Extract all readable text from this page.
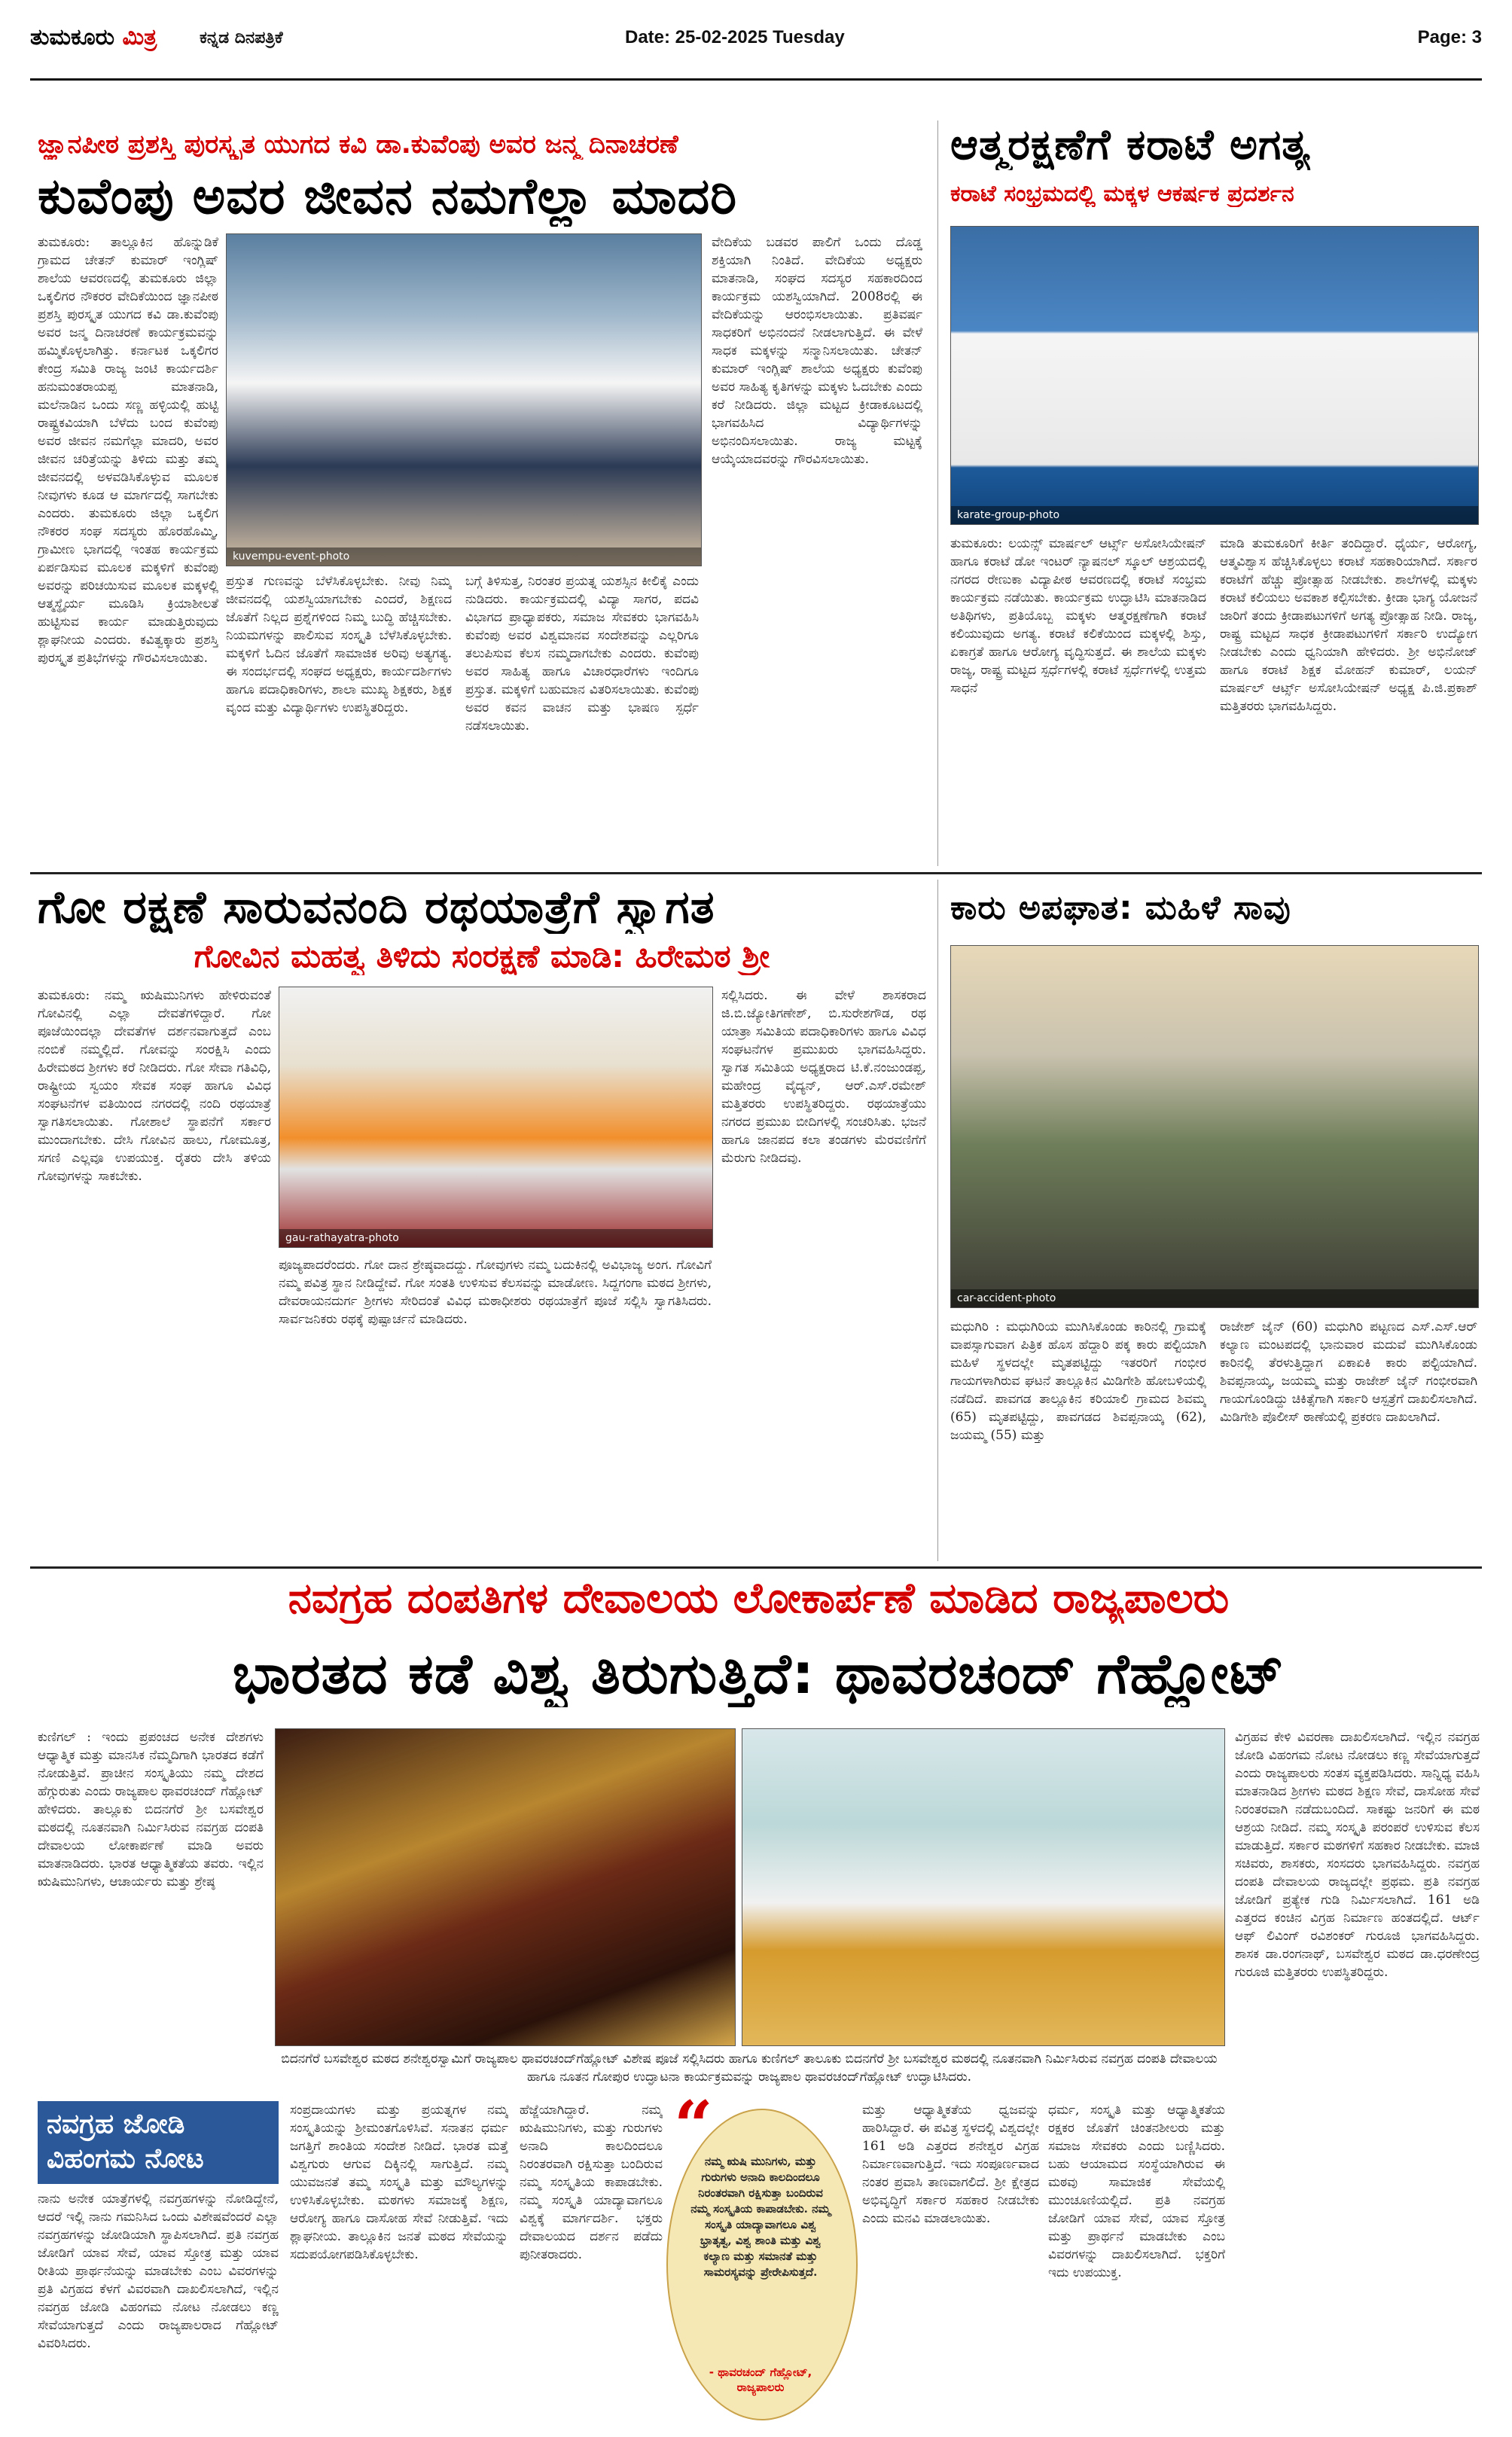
ತುಮಕೂರು ಮಿತ್ರ	ಕನ್ನಡ ದಿನಪತ್ರಿಕೆ	Date: 25-02-2025 Tuesday	Page: 3
ಜ್ಞಾನಪೀಠ ಪ್ರಶಸ್ತಿ ಪುರಸ್ಕೃತ ಯುಗದ ಕವಿ ಡಾ.ಕುವೆಂಪು ಅವರ ಜನ್ಮ ದಿನಾಚರಣೆ
ಕುವೆಂಪು ಅವರ ಜೀವನ ನಮಗೆಲ್ಲಾ ಮಾದರಿ
ತುಮಕೂರು: ತಾಲ್ಲೂಕಿನ ಹೊನ್ನುಡಿಕೆ ಗ್ರಾಮದ ಚೇತನ್ ಕುಮಾರ್ ಇಂಗ್ಲಿಷ್ ಶಾಲೆಯ ಆವರಣದಲ್ಲಿ ತುಮಕೂರು ಜಿಲ್ಲಾ ಒಕ್ಕಲಿಗರ ನೌಕರರ ವೇದಿಕೆಯಿಂದ ಜ್ಞಾನಪೀಠ ಪ್ರಶಸ್ತಿ ಪುರಸ್ಕೃತ ಯುಗದ ಕವಿ ಡಾ.ಕುವೆಂಪು ಅವರ ಜನ್ಮ ದಿನಾಚರಣೆ ಕಾರ್ಯಕ್ರಮವನ್ನು ಹಮ್ಮಿಕೊಳ್ಳಲಾಗಿತ್ತು. ಕರ್ನಾಟಕ ಒಕ್ಕಲಿಗರ ಕೇಂದ್ರ ಸಮಿತಿ ರಾಜ್ಯ ಜಂಟಿ ಕಾರ್ಯದರ್ಶಿ ಹನುಮಂತರಾಯಪ್ಪ ಮಾತನಾಡಿ, ಮಲೆನಾಡಿನ ಒಂದು ಸಣ್ಣ ಹಳ್ಳಿಯಲ್ಲಿ ಹುಟ್ಟಿ ರಾಷ್ಟ್ರಕವಿಯಾಗಿ ಬೆಳೆದು ಬಂದ ಕುವೆಂಪು ಅವರ ಜೀವನ ನಮಗೆಲ್ಲಾ ಮಾದರಿ, ಅವರ ಜೀವನ ಚರಿತ್ರೆಯನ್ನು ತಿಳಿದು ಮತ್ತು ತಮ್ಮ ಜೀವನದಲ್ಲಿ ಅಳವಡಿಸಿಕೊಳ್ಳುವ ಮೂಲಕ ನೀವುಗಳು ಕೂಡ ಆ ಮಾರ್ಗದಲ್ಲಿ ಸಾಗಬೇಕು ಎಂದರು. ತುಮಕೂರು ಜಿಲ್ಲಾ ಒಕ್ಕಲಿಗ ನೌಕರರ ಸಂಘ ಸದಸ್ಯರು ಹೊರಹೊಮ್ಮಿ, ಗ್ರಾಮೀಣ ಭಾಗದಲ್ಲಿ ಇಂತಹ ಕಾರ್ಯಕ್ರಮ ಏರ್ಪಡಿಸುವ ಮೂಲಕ ಮಕ್ಕಳಿಗೆ ಕುವೆಂಪು ಅವರನ್ನು ಪರಿಚಯಿಸುವ ಮೂಲಕ ಮಕ್ಕಳಲ್ಲಿ ಆತ್ಮಸ್ಥೈರ್ಯ ಮೂಡಿಸಿ ಕ್ರಿಯಾಶೀಲತೆ ಹುಟ್ಟಿಸುವ ಕಾರ್ಯ ಮಾಡುತ್ತಿರುವುದು ಶ್ಲಾಘನೀಯ ಎಂದರು. ಕವಿತ್ವಕ್ಕಾರು ಪ್ರಶಸ್ತಿ ಪುರಸ್ಕೃತ ಪ್ರತಿಭೆಗಳನ್ನು ಗೌರವಿಸಲಾಯಿತು.
kuvempu-event-photo
ಪ್ರಸ್ತುತ ಗುಣವನ್ನು ಬೆಳೆಸಿಕೊಳ್ಳಬೇಕು. ನೀವು ನಿಮ್ಮ ಜೀವನದಲ್ಲಿ ಯಶಸ್ವಿಯಾಗಬೇಕು ಎಂದರೆ, ಶಿಕ್ಷಣದ ಜೊತೆಗೆ ನಿಲ್ಲದ ಪ್ರಶ್ನೆಗಳಿಂದ ನಿಮ್ಮ ಬುದ್ಧಿ ಹೆಚ್ಚಿಸಬೇಕು. ನಿಯಮಗಳನ್ನು ಪಾಲಿಸುವ ಸಂಸ್ಕೃತಿ ಬೆಳೆಸಿಕೊಳ್ಳಬೇಕು. ಮಕ್ಕಳಿಗೆ ಓದಿನ ಜೊತೆಗೆ ಸಾಮಾಜಿಕ ಅರಿವು ಅತ್ಯಗತ್ಯ. ಈ ಸಂದರ್ಭದಲ್ಲಿ ಸಂಘದ ಅಧ್ಯಕ್ಷರು, ಕಾರ್ಯದರ್ಶಿಗಳು ಹಾಗೂ ಪದಾಧಿಕಾರಿಗಳು, ಶಾಲಾ ಮುಖ್ಯ ಶಿಕ್ಷಕರು, ಶಿಕ್ಷಕ ವೃಂದ ಮತ್ತು ವಿದ್ಯಾರ್ಥಿಗಳು ಉಪಸ್ಥಿತರಿದ್ದರು.
ಬಗ್ಗೆ ತಿಳಿಸುತ್ತ, ನಿರಂತರ ಪ್ರಯತ್ನ ಯಶಸ್ಸಿನ ಕೀಲಿಕೈ ಎಂದು ನುಡಿದರು. ಕಾರ್ಯಕ್ರಮದಲ್ಲಿ ವಿದ್ಯಾ ಸಾಗರ, ಪದವಿ ವಿಭಾಗದ ಪ್ರಾಧ್ಯಾಪಕರು, ಸಮಾಜ ಸೇವಕರು ಭಾಗವಹಿಸಿ ಕುವೆಂಪು ಅವರ ವಿಶ್ವಮಾನವ ಸಂದೇಶವನ್ನು ಎಲ್ಲರಿಗೂ ತಲುಪಿಸುವ ಕೆಲಸ ನಮ್ಮದಾಗಬೇಕು ಎಂದರು. ಕುವೆಂಪು ಅವರ ಸಾಹಿತ್ಯ ಹಾಗೂ ವಿಚಾರಧಾರೆಗಳು ಇಂದಿಗೂ ಪ್ರಸ್ತುತ. ಮಕ್ಕಳಿಗೆ ಬಹುಮಾನ ವಿತರಿಸಲಾಯಿತು. ಕುವೆಂಪು ಅವರ ಕವನ ವಾಚನ ಮತ್ತು ಭಾಷಣ ಸ್ಪರ್ಧೆ ನಡೆಸಲಾಯಿತು.
ವೇದಿಕೆಯ ಬಡವರ ಪಾಲಿಗೆ ಒಂದು ದೊಡ್ಡ ಶಕ್ತಿಯಾಗಿ ನಿಂತಿದೆ. ವೇದಿಕೆಯ ಅಧ್ಯಕ್ಷರು ಮಾತನಾಡಿ, ಸಂಘದ ಸದಸ್ಯರ ಸಹಕಾರದಿಂದ ಕಾರ್ಯಕ್ರಮ ಯಶಸ್ವಿಯಾಗಿದೆ. 2008ರಲ್ಲಿ ಈ ವೇದಿಕೆಯನ್ನು ಆರಂಭಿಸಲಾಯಿತು. ಪ್ರತಿವರ್ಷ ಸಾಧಕರಿಗೆ ಅಭಿನಂದನೆ ನೀಡಲಾಗುತ್ತಿದೆ. ಈ ವೇಳೆ ಸಾಧಕ ಮಕ್ಕಳನ್ನು ಸನ್ಮಾನಿಸಲಾಯಿತು. ಚೇತನ್ ಕುಮಾರ್ ಇಂಗ್ಲಿಷ್ ಶಾಲೆಯ ಅಧ್ಯಕ್ಷರು ಕುವೆಂಪು ಅವರ ಸಾಹಿತ್ಯ ಕೃತಿಗಳನ್ನು ಮಕ್ಕಳು ಓದಬೇಕು ಎಂದು ಕರೆ ನೀಡಿದರು. ಜಿಲ್ಲಾ ಮಟ್ಟದ ಕ್ರೀಡಾಕೂಟದಲ್ಲಿ ಭಾಗವಹಿಸಿದ ವಿದ್ಯಾರ್ಥಿಗಳನ್ನು ಅಭಿನಂದಿಸಲಾಯಿತು. ರಾಜ್ಯ ಮಟ್ಟಕ್ಕೆ ಆಯ್ಕೆಯಾದವರನ್ನು ಗೌರವಿಸಲಾಯಿತು.
ಆತ್ಮರಕ್ಷಣೆಗೆ ಕರಾಟೆ ಅಗತ್ಯ
ಕರಾಟೆ ಸಂಭ್ರಮದಲ್ಲಿ ಮಕ್ಕಳ ಆಕರ್ಷಕ ಪ್ರದರ್ಶನ
karate-group-photo
ತುಮಕೂರು: ಲಯನ್ಸ್ ಮಾರ್ಷಲ್ ಆರ್ಟ್ಸ್ ಅಸೋಸಿಯೇಷನ್ ಹಾಗೂ ಕರಾಟೆ ಡೋ ಇಂಟರ್ ನ್ಯಾಷನಲ್ ಸ್ಕೂಲ್ ಆಶ್ರಯದಲ್ಲಿ ನಗರದ ರೇಣುಕಾ ವಿದ್ಯಾಪೀಠ ಆವರಣದಲ್ಲಿ ಕರಾಟೆ ಸಂಭ್ರಮ ಕಾರ್ಯಕ್ರಮ ನಡೆಯಿತು. ಕಾರ್ಯಕ್ರಮ ಉದ್ಘಾಟಿಸಿ ಮಾತನಾಡಿದ ಅತಿಥಿಗಳು, ಪ್ರತಿಯೊಬ್ಬ ಮಕ್ಕಳು ಆತ್ಮರಕ್ಷಣೆಗಾಗಿ ಕರಾಟೆ ಕಲಿಯುವುದು ಅಗತ್ಯ. ಕರಾಟೆ ಕಲಿಕೆಯಿಂದ ಮಕ್ಕಳಲ್ಲಿ ಶಿಸ್ತು, ಏಕಾಗ್ರತೆ ಹಾಗೂ ಆರೋಗ್ಯ ವೃದ್ಧಿಸುತ್ತದೆ. ಈ ಶಾಲೆಯ ಮಕ್ಕಳು ರಾಜ್ಯ, ರಾಷ್ಟ್ರ ಮಟ್ಟದ ಸ್ಪರ್ಧೆಗಳಲ್ಲಿ ಕರಾಟೆ ಸ್ಪರ್ಧೆಗಳಲ್ಲಿ ಉತ್ತಮ ಸಾಧನೆ
ಮಾಡಿ ತುಮಕೂರಿಗೆ ಕೀರ್ತಿ ತಂದಿದ್ದಾರೆ. ಧೈರ್ಯ, ಆರೋಗ್ಯ, ಆತ್ಮವಿಶ್ವಾಸ ಹೆಚ್ಚಿಸಿಕೊಳ್ಳಲು ಕರಾಟೆ ಸಹಕಾರಿಯಾಗಿದೆ. ಸರ್ಕಾರ ಕರಾಟೆಗೆ ಹೆಚ್ಚು ಪ್ರೋತ್ಸಾಹ ನೀಡಬೇಕು. ಶಾಲೆಗಳಲ್ಲಿ ಮಕ್ಕಳು ಕರಾಟೆ ಕಲಿಯಲು ಅವಕಾಶ ಕಲ್ಪಿಸಬೇಕು. ಕ್ರೀಡಾ ಭಾಗ್ಯ ಯೋಜನೆ ಜಾರಿಗೆ ತಂದು ಕ್ರೀಡಾಪಟುಗಳಿಗೆ ಅಗತ್ಯ ಪ್ರೋತ್ಸಾಹ ನೀಡಿ. ರಾಜ್ಯ, ರಾಷ್ಟ್ರ ಮಟ್ಟದ ಸಾಧಕ ಕ್ರೀಡಾಪಟುಗಳಿಗೆ ಸರ್ಕಾರಿ ಉದ್ಯೋಗ ನೀಡಬೇಕು ಎಂದು ಧ್ವನಿಯಾಗಿ ಹೇಳಿದರು. ಶ್ರೀ ಅಭಿನೋಜ್ ಹಾಗೂ ಕರಾಟೆ ಶಿಕ್ಷಕ ಮೋಹನ್ ಕುಮಾರ್, ಲಯನ್ ಮಾರ್ಷಲ್ ಆರ್ಟ್ಸ್ ಅಸೋಸಿಯೇಷನ್ ಅಧ್ಯಕ್ಷ ಪಿ.ಜಿ.ಪ್ರಕಾಶ್ ಮತ್ತಿತರರು ಭಾಗವಹಿಸಿದ್ದರು.
ಗೋ ರಕ್ಷಣೆ ಸಾರುವನಂದಿ ರಥಯಾತ್ರೆಗೆ ಸ್ವಾಗತ
ಗೋವಿನ ಮಹತ್ವ ತಿಳಿದು ಸಂರಕ್ಷಣೆ ಮಾಡಿ: ಹಿರೇಮಠ ಶ್ರೀ
ತುಮಕೂರು: ನಮ್ಮ ಋಷಿಮುನಿಗಳು ಹೇಳಿರುವಂತೆ ಗೋವಿನಲ್ಲಿ ಎಲ್ಲಾ ದೇವತೆಗಳಿದ್ದಾರೆ. ಗೋ ಪೂಜೆಯಿಂದಲ್ಲಾ ದೇವತೆಗಳ ದರ್ಶನವಾಗುತ್ತದೆ ಎಂಬ ನಂಬಿಕೆ ನಮ್ಮಲ್ಲಿದೆ. ಗೋವನ್ನು ಸಂರಕ್ಷಿಸಿ ಎಂದು ಹಿರೇಮಠದ ಶ್ರೀಗಳು ಕರೆ ನೀಡಿದರು. ಗೋ ಸೇವಾ ಗತಿವಿಧಿ, ರಾಷ್ಟ್ರೀಯ ಸ್ವಯಂ ಸೇವಕ ಸಂಘ ಹಾಗೂ ವಿವಿಧ ಸಂಘಟನೆಗಳ ವತಿಯಿಂದ ನಗರದಲ್ಲಿ ನಂದಿ ರಥಯಾತ್ರೆ ಸ್ವಾಗತಿಸಲಾಯಿತು. ಗೋಶಾಲೆ ಸ್ಥಾಪನೆಗೆ ಸರ್ಕಾರ ಮುಂದಾಗಬೇಕು. ದೇಸಿ ಗೋವಿನ ಹಾಲು, ಗೋಮೂತ್ರ, ಸಗಣಿ ಎಲ್ಲವೂ ಉಪಯುಕ್ತ. ರೈತರು ದೇಸಿ ತಳಿಯ ಗೋವುಗಳನ್ನು ಸಾಕಬೇಕು.
gau-rathayatra-photo
ಪೂಜ್ಯಪಾದರೆಂದರು. ಗೋ ದಾನ ಶ್ರೇಷ್ಠವಾದದ್ದು. ಗೋವುಗಳು ನಮ್ಮ ಬದುಕಿನಲ್ಲಿ ಅವಿಭಾಜ್ಯ ಅಂಗ. ಗೋವಿಗೆ ನಮ್ಮ ಪವಿತ್ರ ಸ್ಥಾನ ನೀಡಿದ್ದೇವೆ. ಗೋ ಸಂತತಿ ಉಳಿಸುವ ಕೆಲಸವನ್ನು ಮಾಡೋಣ. ಸಿದ್ದಗಂಗಾ ಮಠದ ಶ್ರೀಗಳು, ದೇವರಾಯನದುರ್ಗ ಶ್ರೀಗಳು ಸೇರಿದಂತೆ ವಿವಿಧ ಮಠಾಧೀಶರು ರಥಯಾತ್ರೆಗೆ ಪೂಜೆ ಸಲ್ಲಿಸಿ ಸ್ವಾಗತಿಸಿದರು. ಸಾರ್ವಜನಿಕರು ರಥಕ್ಕೆ ಪುಷ್ಪಾರ್ಚನೆ ಮಾಡಿದರು.
ಸಲ್ಲಿಸಿದರು. ಈ ವೇಳೆ ಶಾಸಕರಾದ ಜಿ.ಬಿ.ಜ್ಯೋತಿಗಣೇಶ್, ಬಿ.ಸುರೇಶಗೌಡ, ರಥ ಯಾತ್ರಾ ಸಮಿತಿಯ ಪದಾಧಿಕಾರಿಗಳು ಹಾಗೂ ವಿವಿಧ ಸಂಘಟನೆಗಳ ಪ್ರಮುಖರು ಭಾಗವಹಿಸಿದ್ದರು. ಸ್ವಾಗತ ಸಮಿತಿಯ ಅಧ್ಯಕ್ಷರಾದ ಟಿ.ಕೆ.ನಂಜುಂಡಪ್ಪ, ಮಹೇಂದ್ರ ವೈದ್ಯನ್, ಆರ್.ಎಸ್.ರಮೇಶ್ ಮತ್ತಿತರರು ಉಪಸ್ಥಿತರಿದ್ದರು. ರಥಯಾತ್ರೆಯು ನಗರದ ಪ್ರಮುಖ ಬೀದಿಗಳಲ್ಲಿ ಸಂಚರಿಸಿತು. ಭಜನೆ ಹಾಗೂ ಜಾನಪದ ಕಲಾ ತಂಡಗಳು ಮೆರವಣಿಗೆಗೆ ಮೆರುಗು ನೀಡಿದವು.
ಕಾರು ಅಪಘಾತ: ಮಹಿಳೆ ಸಾವು
car-accident-photo
ಮಧುಗಿರಿ : ಮಧುಗಿರಿಯ ಮುಗಿಸಿಕೊಂಡು ಕಾರಿನಲ್ಲಿ ಗ್ರಾಮಕ್ಕೆ ವಾಪಸ್ಸಾಗುವಾಗ ಪಿತ್ರಿಕ ಹೊಸ ಹೆದ್ದಾರಿ ಪಕ್ಕ ಕಾರು ಪಲ್ಟಿಯಾಗಿ ಮಹಿಳೆ ಸ್ಥಳದಲ್ಲೇ ಮೃತಪಟ್ಟಿದ್ದು ಇತರರಿಗೆ ಗಂಭೀರ ಗಾಯಗಳಾಗಿರುವ ಘಟನೆ ತಾಲ್ಲೂಕಿನ ಮಿಡಿಗೇಶಿ ಹೋಬಳಿಯಲ್ಲಿ ನಡೆದಿದೆ. ಪಾವಗಡ ತಾಲ್ಲೂಕಿನ ಕರಿಯಾಲಿ ಗ್ರಾಮದ ಶಿವಮ್ಮ (65) ಮೃತಪಟ್ಟಿದ್ದು, ಪಾವಗಡದ ಶಿವಪ್ಪನಾಯ್ಕ (62), ಜಯಮ್ಮ (55) ಮತ್ತು
ರಾಜೇಶ್ ಜೈನ್ (60) ಮಧುಗಿರಿ ಪಟ್ಟಣದ ಎಸ್.ಎಸ್.ಆರ್ ಕಲ್ಯಾಣ ಮಂಟಪದಲ್ಲಿ ಭಾನುವಾರ ಮದುವೆ ಮುಗಿಸಿಕೊಂಡು ಕಾರಿನಲ್ಲಿ ತೆರಳುತ್ತಿದ್ದಾಗ ಏಕಾಏಕಿ ಕಾರು ಪಲ್ಟಿಯಾಗಿದೆ. ಶಿವಪ್ಪನಾಯ್ಕ, ಜಯಮ್ಮ ಮತ್ತು ರಾಜೇಶ್ ಜೈನ್ ಗಂಭೀರವಾಗಿ ಗಾಯಗೊಂಡಿದ್ದು ಚಿಕಿತ್ಸೆಗಾಗಿ ಸರ್ಕಾರಿ ಆಸ್ಪತ್ರೆಗೆ ದಾಖಲಿಸಲಾಗಿದೆ. ಮಿಡಿಗೇಶಿ ಪೊಲೀಸ್ ಠಾಣೆಯಲ್ಲಿ ಪ್ರಕರಣ ದಾಖಲಾಗಿದೆ.
ನವಗ್ರಹ ದಂಪತಿಗಳ ದೇವಾಲಯ ಲೋಕಾರ್ಪಣೆ ಮಾಡಿದ ರಾಜ್ಯಪಾಲರು
ಭಾರತದ ಕಡೆ ವಿಶ್ವ ತಿರುಗುತ್ತಿದೆ: ಥಾವರಚಂದ್ ಗೆಹ್ಲೋಟ್
ಕುಣಿಗಲ್ : ಇಂದು ಪ್ರಪಂಚದ ಅನೇಕ ದೇಶಗಳು ಆಧ್ಯಾತ್ಮಿಕ ಮತ್ತು ಮಾನಸಿಕ ನೆಮ್ಮದಿಗಾಗಿ ಭಾರತದ ಕಡೆಗೆ ನೋಡುತ್ತಿವೆ. ಪ್ರಾಚೀನ ಸಂಸ್ಕೃತಿಯು ನಮ್ಮ ದೇಶದ ಹೆಗ್ಗುರುತು ಎಂದು ರಾಜ್ಯಪಾಲ ಥಾವರಚಂದ್ ಗೆಹ್ಲೋಟ್ ಹೇಳಿದರು. ತಾಲ್ಲೂಕು ಬಿದನಗೆರೆ ಶ್ರೀ ಬಸವೇಶ್ವರ ಮಠದಲ್ಲಿ ನೂತನವಾಗಿ ನಿರ್ಮಿಸಿರುವ ನವಗ್ರಹ ದಂಪತಿ ದೇವಾಲಯ ಲೋಕಾರ್ಪಣೆ ಮಾಡಿ ಅವರು ಮಾತನಾಡಿದರು. ಭಾರತ ಆಧ್ಯಾತ್ಮಿಕತೆಯ ತವರು. ಇಲ್ಲಿನ ಋಷಿಮುನಿಗಳು, ಆಚಾರ್ಯರು ಮತ್ತು ಶ್ರೇಷ್ಠ
ವಿಗ್ರಹವ ಕೇಳಿ ವಿವರಣಾ ದಾಖಲಿಸಲಾಗಿದೆ. ಇಲ್ಲಿನ ನವಗ್ರಹ ಜೋಡಿ ವಿಹಂಗಮ ನೋಟ ನೋಡಲು ಕಣ್ಣ ಸೇವೆಯಾಗುತ್ತದೆ ಎಂದು ರಾಜ್ಯಪಾಲರು ಸಂತಸ ವ್ಯಕ್ತಪಡಿಸಿದರು. ಸಾನ್ನಿಧ್ಯ ವಹಿಸಿ ಮಾತನಾಡಿದ ಶ್ರೀಗಳು ಮಠದ ಶಿಕ್ಷಣ ಸೇವೆ, ದಾಸೋಹ ಸೇವೆ ನಿರಂತರವಾಗಿ ನಡೆದುಬಂದಿದೆ. ಸಾಕಷ್ಟು ಜನರಿಗೆ ಈ ಮಠ ಆಶ್ರಯ ನೀಡಿದೆ. ನಮ್ಮ ಸಂಸ್ಕೃತಿ ಪರಂಪರೆ ಉಳಿಸುವ ಕೆಲಸ ಮಾಡುತ್ತಿದೆ. ಸರ್ಕಾರ ಮಠಗಳಿಗೆ ಸಹಕಾರ ನೀಡಬೇಕು. ಮಾಜಿ ಸಚಿವರು, ಶಾಸಕರು, ಸಂಸದರು ಭಾಗವಹಿಸಿದ್ದರು. ನವಗ್ರಹ ದಂಪತಿ ದೇವಾಲಯ ರಾಜ್ಯದಲ್ಲೇ ಪ್ರಥಮ. ಪ್ರತಿ ನವಗ್ರಹ ಜೋಡಿಗೆ ಪ್ರತ್ಯೇಕ ಗುಡಿ ನಿರ್ಮಿಸಲಾಗಿದೆ. 161 ಅಡಿ ಎತ್ತರದ ಕಂಚಿನ ವಿಗ್ರಹ ನಿರ್ಮಾಣ ಹಂತದಲ್ಲಿದೆ. ಆರ್ಟ್ ಆಫ್ ಲಿವಿಂಗ್ ರವಿಶಂಕರ್ ಗುರೂಜಿ ಭಾಗವಹಿಸಿದ್ದರು. ಶಾಸಕ ಡಾ.ರಂಗನಾಥ್, ಬಸವೇಶ್ವರ ಮಠದ ಡಾ.ಧರಣೇಂದ್ರ ಗುರೂಜಿ ಮತ್ತಿತರರು ಉಪಸ್ಥಿತರಿದ್ದರು.
ಬಿದನಗೆರೆ ಬಸವೇಶ್ವರ ಮಠದ ಶನೇಶ್ವರಸ್ವಾಮಿಗೆ ರಾಜ್ಯಪಾಲ ಥಾವರಚಂದ್‌ಗೆಹ್ಲೋಟ್ ವಿಶೇಷ ಪೂಜೆ ಸಲ್ಲಿಸಿದರು ಹಾಗೂ ಕುಣಿಗಲ್ ತಾಲೂಕು ಬಿದನಗೆರೆ ಶ್ರೀ ಬಸವೇಶ್ವರ ಮಠದಲ್ಲಿ ನೂತನವಾಗಿ ನಿರ್ಮಿಸಿರುವ ನವಗ್ರಹ ದಂಪತಿ ದೇವಾಲಯ ಹಾಗೂ ನೂತನ ಗೋಪುರ ಉದ್ಘಾಟನಾ ಕಾರ್ಯಕ್ರಮವನ್ನು ರಾಜ್ಯಪಾಲ ಥಾವರಚಂದ್‌ಗೆಹ್ಲೋಟ್ ಉದ್ಘಾಟಿಸಿದರು.
ನವಗ್ರಹ ಜೋಡಿ ವಿಹಂಗಮ ನೋಟ
ನಾನು ಅನೇಕ ಯಾತ್ರೆಗಳಲ್ಲಿ ನವಗ್ರಹಗಳನ್ನು ನೋಡಿದ್ದೇನೆ, ಆದರೆ ಇಲ್ಲಿ ನಾನು ಗಮನಿಸಿದ ಒಂದು ವಿಶೇಷವೆಂದರೆ ಎಲ್ಲಾ ನವಗ್ರಹಗಳನ್ನು ಜೋಡಿಯಾಗಿ ಸ್ಥಾಪಿಸಲಾಗಿದೆ. ಪ್ರತಿ ನವಗ್ರಹ ಜೋಡಿಗೆ ಯಾವ ಸೇವೆ, ಯಾವ ಸ್ತೋತ್ರ ಮತ್ತು ಯಾವ ರೀತಿಯ ಪ್ರಾರ್ಥನೆಯನ್ನು ಮಾಡಬೇಕು ಎಂಬ ವಿವರಗಳನ್ನು ಪ್ರತಿ ವಿಗ್ರಹದ ಕೆಳಗೆ ವಿವರವಾಗಿ ದಾಖಲಿಸಲಾಗಿದೆ, ಇಲ್ಲಿನ ನವಗ್ರಹ ಜೋಡಿ ವಿಹಂಗಮ ನೋಟ ನೋಡಲು ಕಣ್ಣ ಸೇವೆಯಾಗುತ್ತದೆ ಎಂದು ರಾಜ್ಯಪಾಲರಾದ ಗೆಹ್ಲೋಟ್ ವಿವರಿಸಿದರು.
ಸಂಪ್ರದಾಯಗಳು ಮತ್ತು ಪ್ರಯತ್ನಗಳ ನಮ್ಮ ಸಂಸ್ಕೃತಿಯನ್ನು ಶ್ರೀಮಂತಗೊಳಿಸಿವೆ. ಸನಾತನ ಧರ್ಮ ಜಗತ್ತಿಗೆ ಶಾಂತಿಯ ಸಂದೇಶ ನೀಡಿದೆ. ಭಾರತ ಮತ್ತೆ ವಿಶ್ವಗುರು ಆಗುವ ದಿಕ್ಕಿನಲ್ಲಿ ಸಾಗುತ್ತಿದೆ. ನಮ್ಮ ಯುವಜನತೆ ತಮ್ಮ ಸಂಸ್ಕೃತಿ ಮತ್ತು ಮೌಲ್ಯಗಳನ್ನು ಉಳಿಸಿಕೊಳ್ಳಬೇಕು. ಮಠಗಳು ಸಮಾಜಕ್ಕೆ ಶಿಕ್ಷಣ, ಆರೋಗ್ಯ ಹಾಗೂ ದಾಸೋಹ ಸೇವೆ ನೀಡುತ್ತಿವೆ. ಇದು ಶ್ಲಾಘನೀಯ. ತಾಲ್ಲೂಕಿನ ಜನತೆ ಮಠದ ಸೇವೆಯನ್ನು ಸದುಪಯೋಗಪಡಿಸಿಕೊಳ್ಳಬೇಕು.
ಹೆಜ್ಜೆಯಾಗಿದ್ದಾರೆ. ನಮ್ಮ ಋಷಿಮುನಿಗಳು, ಮತ್ತು ಗುರುಗಳು ಅನಾದಿ ಕಾಲದಿಂದಲೂ ನಿರಂತರವಾಗಿ ರಕ್ಷಿಸುತ್ತಾ ಬಂದಿರುವ ನಮ್ಮ ಸಂಸ್ಕೃತಿಯ ಕಾಪಾಡಬೇಕು. ನಮ್ಮ ಸಂಸ್ಕೃತಿ ಯಾದ್ಯಾವಾಗಲೂ ವಿಶ್ವಕ್ಕೆ ಮಾರ್ಗದರ್ಶಿ. ಭಕ್ತರು ದೇವಾಲಯದ ದರ್ಶನ ಪಡೆದು ಪುನೀತರಾದರು.
“
ನಮ್ಮ ಋಷಿ ಮುನಿಗಳು, ಮತ್ತು ಗುರುಗಳು ಅನಾದಿ ಕಾಲದಿಂದಲೂ ನಿರಂತರವಾಗಿ ರಕ್ಷಿಸುತ್ತಾ ಬಂದಿರುವ ನಮ್ಮ ಸಂಸ್ಕೃತಿಯ ಕಾಪಾಡಬೇಕು. ನಮ್ಮ ಸಂಸ್ಕೃತಿ ಯಾದ್ಯಾವಾಗಲೂ ವಿಶ್ವ ಭ್ರಾತೃತ್ವ, ವಿಶ್ವ ಶಾಂತಿ ಮತ್ತು ವಿಶ್ವ ಕಲ್ಯಾಣ ಮತ್ತು ಸಮಾನತೆ ಮತ್ತು ಸಾಮರಸ್ಯವನ್ನು ಪ್ರೇರೇಪಿಸುತ್ತದೆ.
- ಥಾವರಚಂದ್ ಗೆಹ್ಲೋಟ್, ರಾಜ್ಯಪಾಲರು
ಮತ್ತು ಆಧ್ಯಾತ್ಮಿಕತೆಯ ಧ್ವಜವನ್ನು ಹಾರಿಸಿದ್ದಾರೆ. ಈ ಪವಿತ್ರ ಸ್ಥಳದಲ್ಲಿ ವಿಶ್ವದಲ್ಲೇ 161 ಅಡಿ ಎತ್ತರದ ಶನೇಶ್ವರ ವಿಗ್ರಹ ನಿರ್ಮಾಣವಾಗುತ್ತಿದೆ. ಇದು ಸಂಪೂರ್ಣವಾದ ನಂತರ ಪ್ರವಾಸಿ ತಾಣವಾಗಲಿದೆ. ಶ್ರೀ ಕ್ಷೇತ್ರದ ಅಭಿವೃದ್ಧಿಗೆ ಸರ್ಕಾರ ಸಹಕಾರ ನೀಡಬೇಕು ಎಂದು ಮನವಿ ಮಾಡಲಾಯಿತು.
ಧರ್ಮ, ಸಂಸ್ಕೃತಿ ಮತ್ತು ಆಧ್ಯಾತ್ಮಿಕತೆಯ ರಕ್ಷಕರ ಜೊತೆಗೆ ಚಿಂತನಶೀಲರು ಮತ್ತು ಸಮಾಜ ಸೇವಕರು ಎಂದು ಬಣ್ಣಿಸಿದರು. ಬಹು ಆಯಾಮದ ಸಂಸ್ಥೆಯಾಗಿರುವ ಈ ಮಠವು ಸಾಮಾಜಿಕ ಸೇವೆಯಲ್ಲಿ ಮುಂಚೂಣಿಯಲ್ಲಿದೆ. ಪ್ರತಿ ನವಗ್ರಹ ಜೋಡಿಗೆ ಯಾವ ಸೇವೆ, ಯಾವ ಸ್ತೋತ್ರ ಮತ್ತು ಪ್ರಾರ್ಥನೆ ಮಾಡಬೇಕು ಎಂಬ ವಿವರಗಳನ್ನು ದಾಖಲಿಸಲಾಗಿದೆ. ಭಕ್ತರಿಗೆ ಇದು ಉಪಯುಕ್ತ.
